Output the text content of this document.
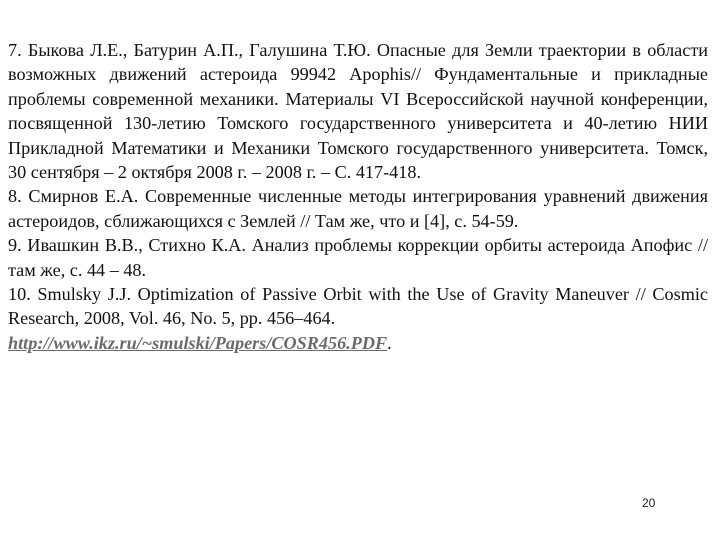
7. Быкова Л.Е., Батурин А.П., Галушина Т.Ю. Опасные для Земли траектории в области возможных движений астероида 99942 Apophis// Фундаментальные и прикладные проблемы современной механики. Материалы VI Всероссийской научной конференции, посвященной 130-летию Томского государственного университета и 40-летию НИИ Прикладной Математики и Механики Томского государственного университета. Томск, 30 сентября – 2 октября 2008 г. – 2008 г. – С. 417-418.

8. Смирнов Е.А. Современные численные методы интегрирования уравнений движения астероидов, сближающихся с Землей // Там же, что и [4], с. 54-59.

9. Ивашкин В.В., Стихно К.А. Анализ проблемы коррекции орбиты астероида Апофис // там же, с. 44 – 48.

10. Smulsky J.J. Optimization of Passive Orbit with the Use of Gravity Maneuver // Cosmic Research, 2008, Vol. 46, No. 5, pp. 456–464.
http://www.ikz.ru/~smulski/Papers/COSR456.PDF.

20
